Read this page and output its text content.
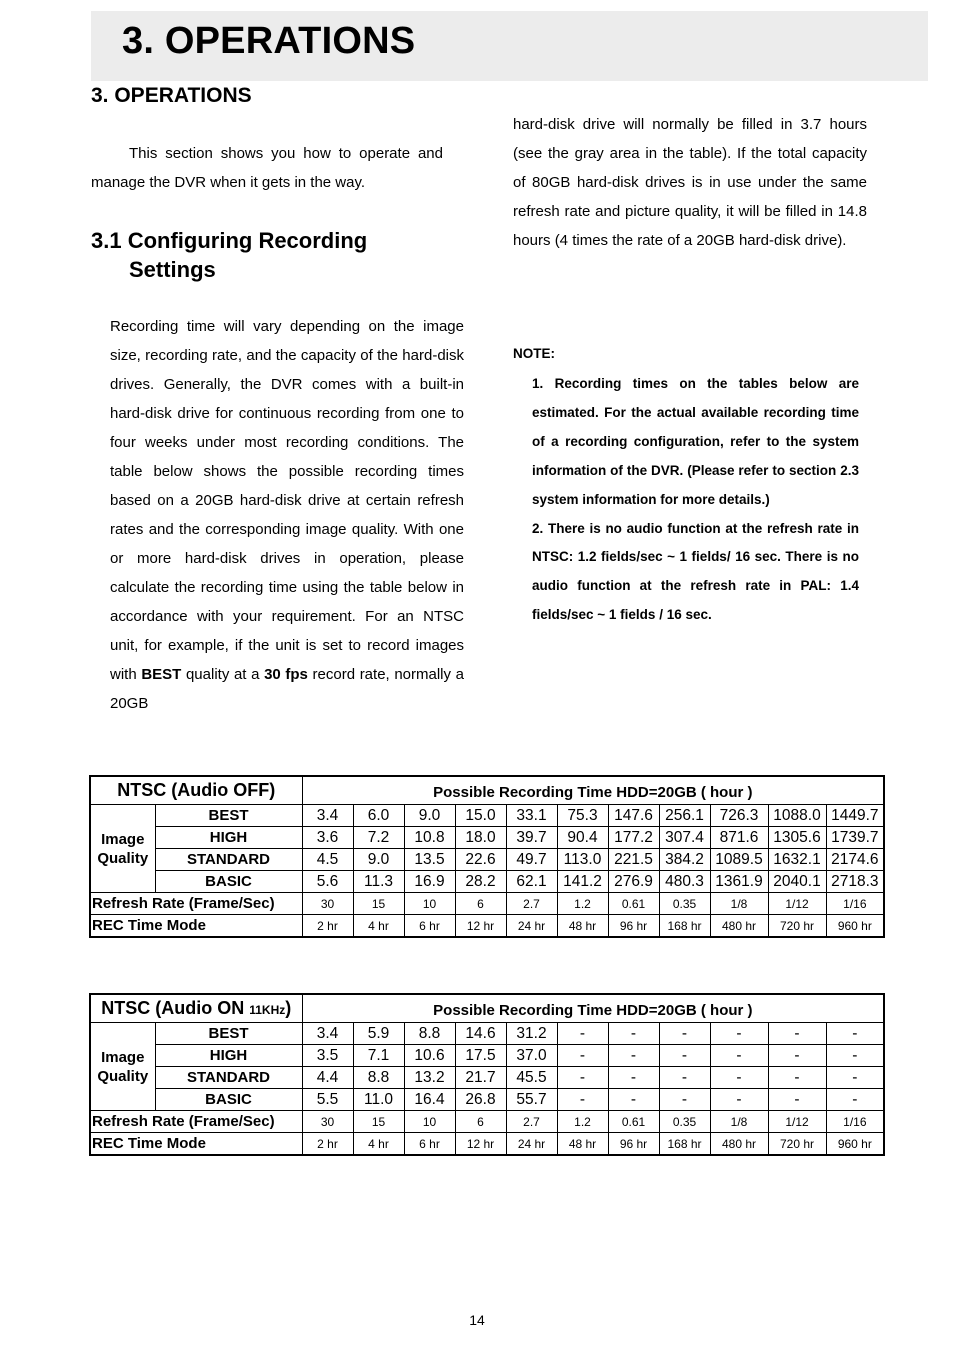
3. OPERATIONS
3. OPERATIONS
This section shows you how to operate and manage the DVR when it gets in the way.
3.1 Configuring Recording
Settings
Recording time will vary depending on the image size, recording rate, and the capacity of the hard-disk drives. Generally, the DVR comes with a built-in hard-disk drive for continuous recording from one to four weeks under most recording conditions. The table below shows the possible recording times based on a 20GB hard-disk drive at certain refresh rates and the corresponding image quality. With one or more hard-disk drives in operation, please calculate the recording time using the table below in accordance with your requirement. For an NTSC unit, for example, if the unit is set to record images with BEST quality at a 30 fps record rate, normally a 20GB
hard-disk drive will normally be filled in 3.7 hours (see the gray area in the table). If the total capacity of 80GB hard-disk drives is in use under the same refresh rate and picture quality, it will be filled in 14.8 hours (4 times the rate of a 20GB hard-disk drive).
NOTE:
1. Recording times on the tables below are estimated. For the actual available recording time of a recording configuration, refer to the system information of the DVR. (Please refer to section 2.3 system information for more details.)
2. There is no audio function at the refresh rate in NTSC: 1.2 fields/sec ~ 1 fields/ 16 sec. There is no audio function at the refresh rate in PAL: 1.4 fields/sec ~ 1 fields / 16 sec.
NTSC (Audio OFF)		Possible Recording Time HDD=20GB ( hour )										
Image Quality	BEST	3.4	6.0	9.0	15.0	33.1	75.3	147.6	256.1	726.3	1088.0	1449.7
	HIGH	3.6	7.2	10.8	18.0	39.7	90.4	177.2	307.4	871.6	1305.6	1739.7
	STANDARD	4.5	9.0	13.5	22.6	49.7	113.0	221.5	384.2	1089.5	1632.1	2174.6
	BASIC	5.6	11.3	16.9	28.2	62.1	141.2	276.9	480.3	1361.9	2040.1	2718.3
Refresh Rate (Frame/Sec)		30	15	10	6	2.7	1.2	0.61	0.35	1/8	1/12	1/16
REC Time Mode		2 hr	4 hr	6 hr	12 hr	24 hr	48 hr	96 hr	168 hr	480 hr	720 hr	960 hr
NTSC (Audio ON 11KHz)		Possible Recording Time HDD=20GB ( hour )										
Image Quality	BEST	3.4	5.9	8.8	14.6	31.2	-	-	-	-	-	-
	HIGH	3.5	7.1	10.6	17.5	37.0	-	-	-	-	-	-
	STANDARD	4.4	8.8	13.2	21.7	45.5	-	-	-	-	-	-
	BASIC	5.5	11.0	16.4	26.8	55.7	-	-	-	-	-	-
Refresh Rate (Frame/Sec)		30	15	10	6	2.7	1.2	0.61	0.35	1/8	1/12	1/16
REC Time Mode		2 hr	4 hr	6 hr	12 hr	24 hr	48 hr	96 hr	168 hr	480 hr	720 hr	960 hr
14
